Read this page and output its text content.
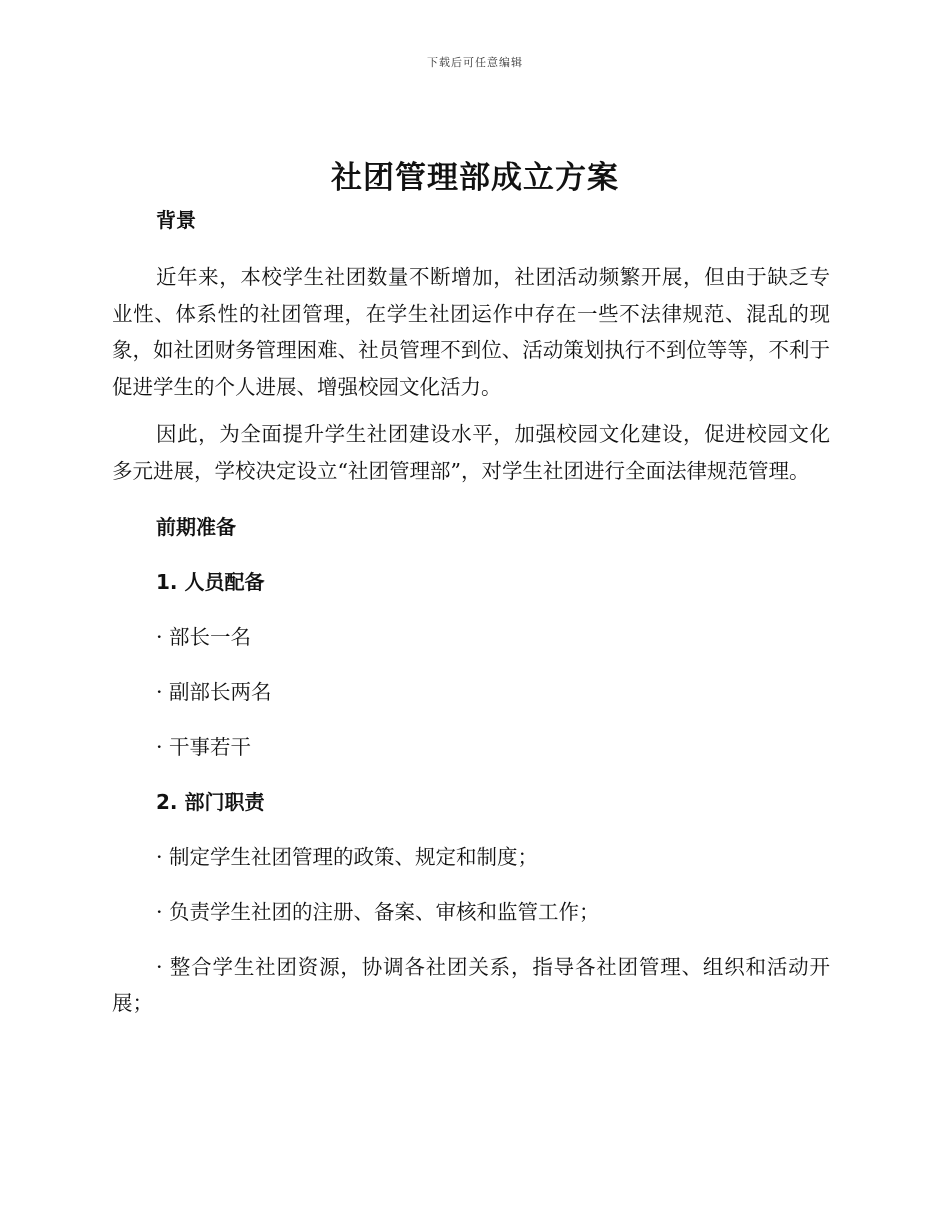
下载后可任意编辑
社团管理部成立方案
背景

近年来，本校学生社团数量不断增加，社团活动频繁开展，但由于缺乏专业性、体系性的社团管理，在学生社团运作中存在一些不法律规范、混乱的现象，如社团财务管理困难、社员管理不到位、活动策划执行不到位等等，不利于促进学生的个人进展、增强校园文化活力。

因此，为全面提升学生社团建设水平，加强校园文化建设，促进校园文化多元进展，学校决定设立“社团管理部”，对学生社团进行全面法律规范管理。

前期准备
1. 人员配备
· 部长一名
· 副部长两名
· 干事若干
2. 部门职责
· 制定学生社团管理的政策、规定和制度；
· 负责学生社团的注册、备案、审核和监管工作；

· 整合学生社团资源，协调各社团关系，指导各社团管理、组织和活动开展；
